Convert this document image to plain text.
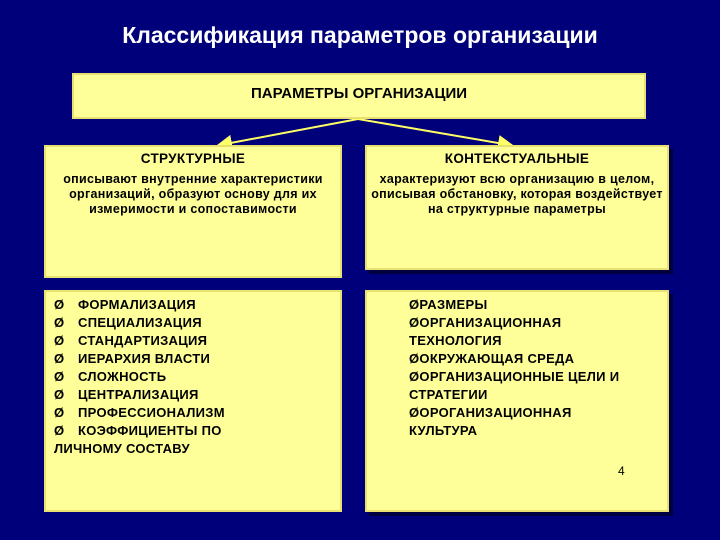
Классификация параметров организации
ПАРАМЕТРЫ ОРГАНИЗАЦИИ
СТРУКТУРНЫЕ
описывают внутренние характеристики организаций, образуют основу для их измеримости и сопоставимости
КОНТЕКСТУАЛЬНЫЕ
характеризуют всю организацию в целом, описывая обстановку, которая воздействует на структурные параметры
Ø ФОРМАЛИЗАЦИЯ
Ø СПЕЦИАЛИЗАЦИЯ
Ø СТАНДАРТИЗАЦИЯ
Ø ИЕРАРХИЯ ВЛАСТИ
Ø СЛОЖНОСТЬ
Ø ЦЕНТРАЛИЗАЦИЯ
Ø ПРОФЕССИОНАЛИЗМ
Ø КОЭФФИЦИЕНТЫ ПО ЛИЧНОМУ СОСТАВУ
ØРАЗМЕРЫ
ØОРГАНИЗАЦИОННАЯ ТЕХНОЛОГИЯ
ØОКРУЖАЮЩАЯ СРЕДА
ØОРГАНИЗАЦИОННЫЕ ЦЕЛИ И СТРАТЕГИИ
ØОРОГАНИЗАЦИОННАЯ КУЛЬТУРА
4
